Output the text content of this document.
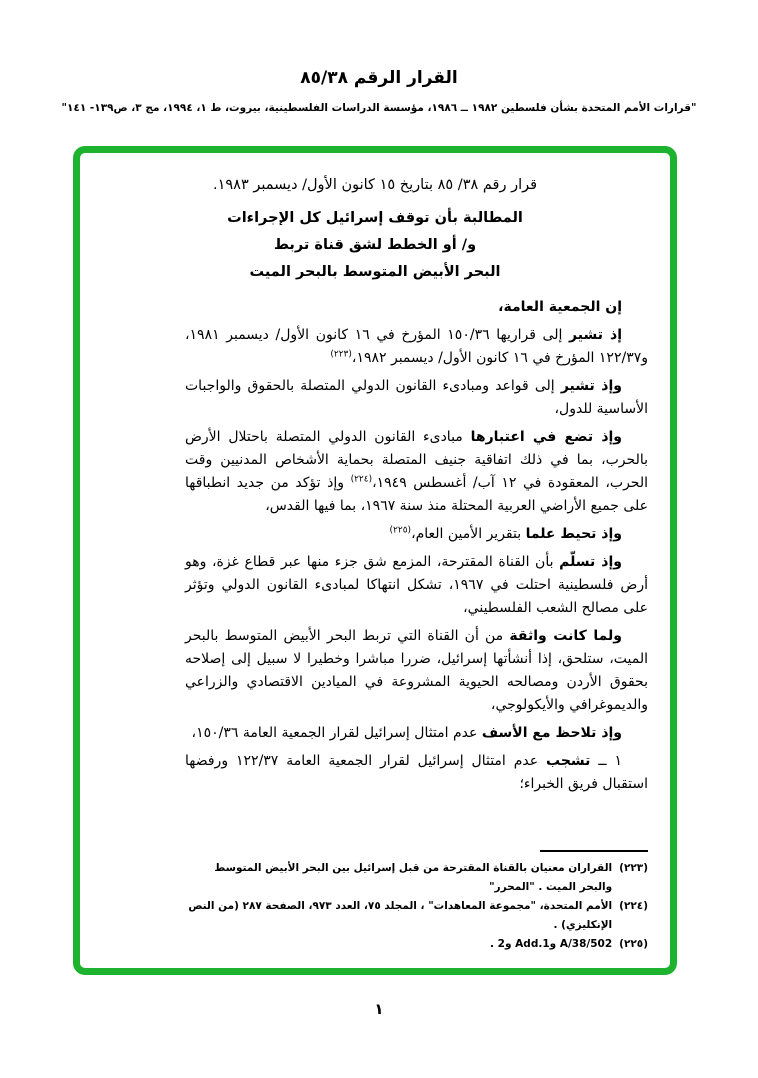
القرار الرقم ٣٨/‏٨٥
"قرارات الأمم المتحدة بشأن فلسطين ١٩٨٢ ــ ١٩٨٦، مؤسسة الدراسات الفلسطينية، بيروت، ط ١، ١٩٩٤، مج ٣، ص١٣٩- ١٤١"
قرار رقم ٣٨/ ٨٥ بتاريخ ١٥ كانون الأول/ ديسمبر ١٩٨٣.
المطالبة بأن توقف إسرائيل كل الإجراءات
و/ أو الخطط لشق قناة تربط
البحر الأبيض المتوسط بالبحر الميت

إن الجمعية العامة،

إذ تشير إلى قراريها ٣٦/‏١٥٠ المؤرخ في ١٦ كانون الأول/ ديسمبر ١٩٨١، و٣٧/‏١٢٢ المؤرخ في ١٦ كانون الأول/ ديسمبر ١٩٨٢،$^{(٢٢٣)}$

وإذ تشير إلى قواعد ومبادىء القانون الدولي المتصلة بالحقوق والواجبات الأساسية للدول،

وإذ تضع في اعتبارها مبادىء القانون الدولي المتصلة باحتلال الأرض بالحرب، بما في ذلك اتفاقية جنيف المتصلة بحماية الأشخاص المدنيين وقت الحرب، المعقودة في ١٢ آب/ أغسطس ١٩٤٩،$^{(٢٢٤)}$ وإذ تؤكد من جديد انطباقها على جميع الأراضي العربية المحتلة منذ سنة ١٩٦٧، بما فيها القدس،

وإذ تحيط علما بتقرير الأمين العام،$^{(٢٢٥)}$

وإذ تسلّم بأن القناة المقترحة، المزمع شق جزء منها عبر قطاع غزة، وهو أرض فلسطينية احتلت في ١٩٦٧، تشكل انتهاكا لمبادىء القانون الدولي وتؤثر على مصالح الشعب الفلسطيني،

ولما كانت واثقة من أن القناة التي تربط البحر الأبيض المتوسط بالبحر الميت، ستلحق، إذا أنشأتها إسرائيل، ضررا مباشرا وخطيرا لا سبيل إلى إصلاحه بحقوق الأردن ومصالحه الحيوية المشروعة في الميادين الاقتصادي والزراعي والديموغرافي والأيكولوجي،

وإذ تلاحظ مع الأسف عدم امتثال إسرائيل لقرار الجمعية العامة ٣٦/‏١٥٠،

١ ــ تشجب عدم امتثال إسرائيل لقرار الجمعية العامة ٣٧/‏١٢٢ ورفضها استقبال فريق الخبراء؛

(٢٢٣)
القراران معنيان بالقناة المقترحة من قبل إسرائيل بين البحر الأبيض المتوسط والبحر الميت . "المحرر"
(٢٢٤)
الأمم المتحدة، "مجموعة المعاهدات" ، المجلد ٧٥، العدد ٩٧٣، الصفحة ٢٨٧ (من النص الإنكليزي) .
(٢٢٥)
A/38/502 وAdd.1 و2 .
١
